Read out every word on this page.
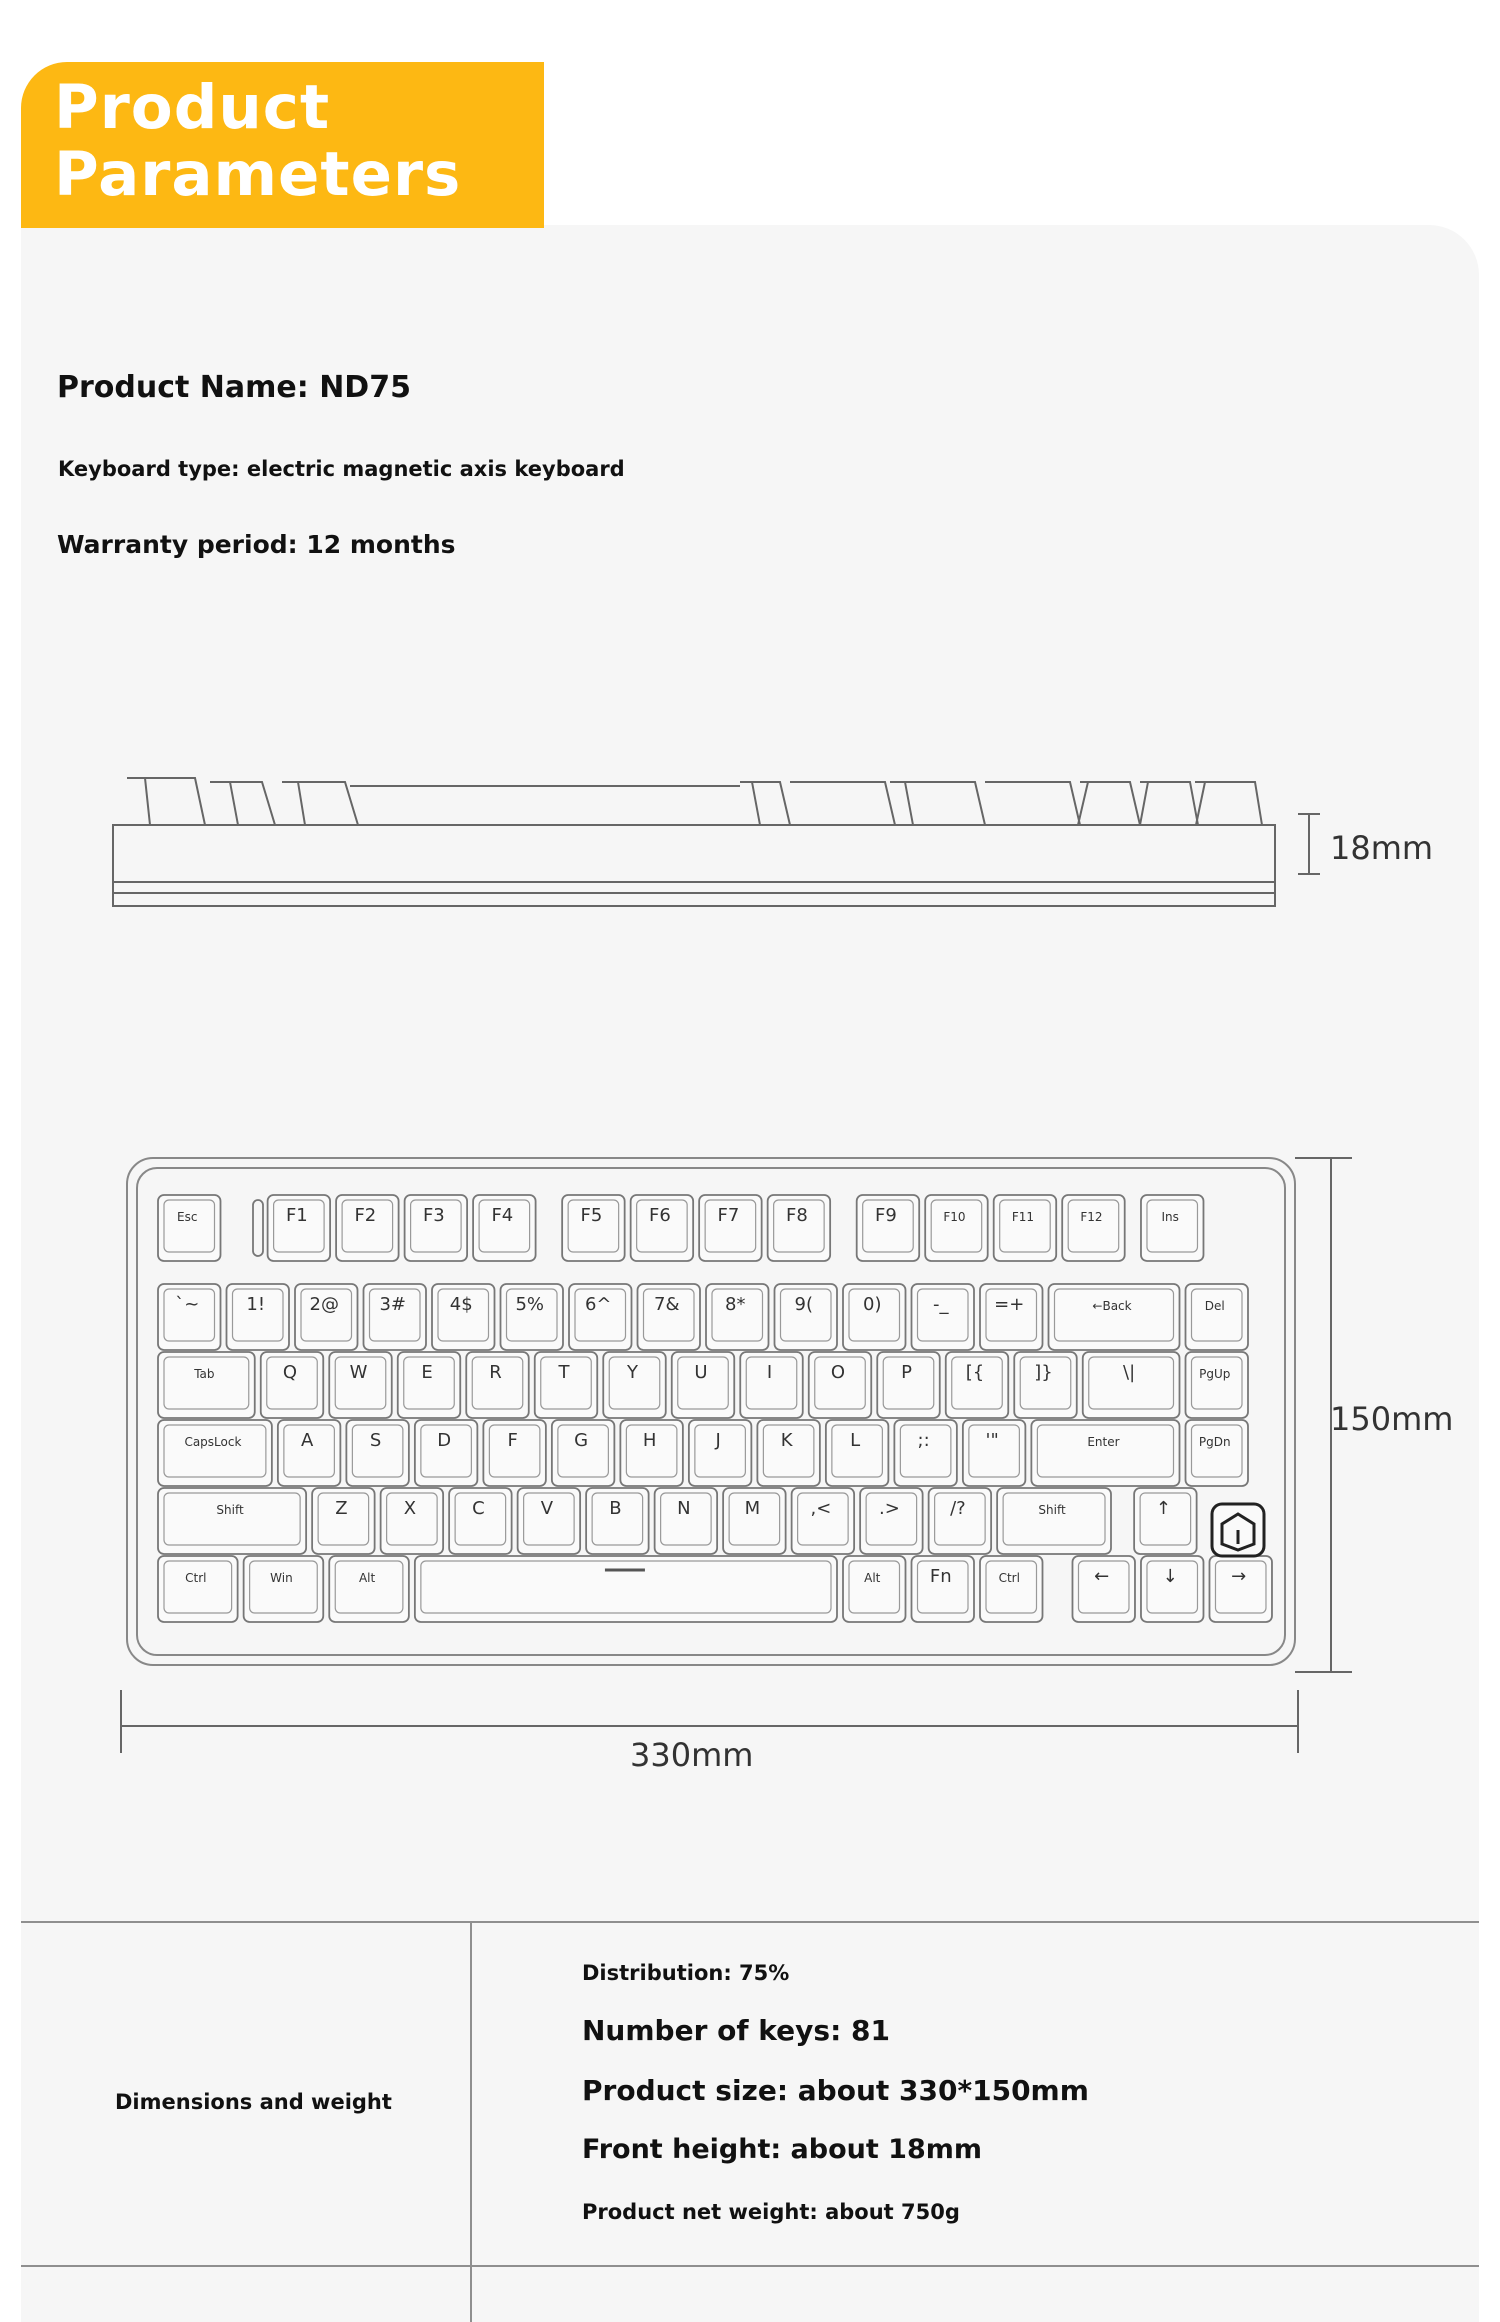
Product
Parameters

Product Name: ND75

Keyboard type: electric magnetic axis keyboard

Warranty period: 12 months

18mm
Esc	F1	F2	F3	F4	F5	F6	F7	F8	F9	F10	F11	F12	Ins
`~	1! 2@ 3# 4$ 5% 6^ 7&	8*	9(	0)	-_	=+	←Back	Del
Tab	Q	W	E	R	T	Y	U	I	O	P	[{	]}	\|	PgUp
CapsLock	A	S	D	F	G	H	J	K	L	;:	'"	Enter	PgDn
Shift	Z	X	C	V	B	N	M	,<	.>	/?	Shift	↑
Ctrl	Win	Alt	Alt	Fn	Ctrl	←	↓	→
150mm
330mm

Dimensions and weight

Distribution: 75%

Number of keys: 81

Product size: about 330*150mm

Front height: about 18mm

Product net weight: about 750g
